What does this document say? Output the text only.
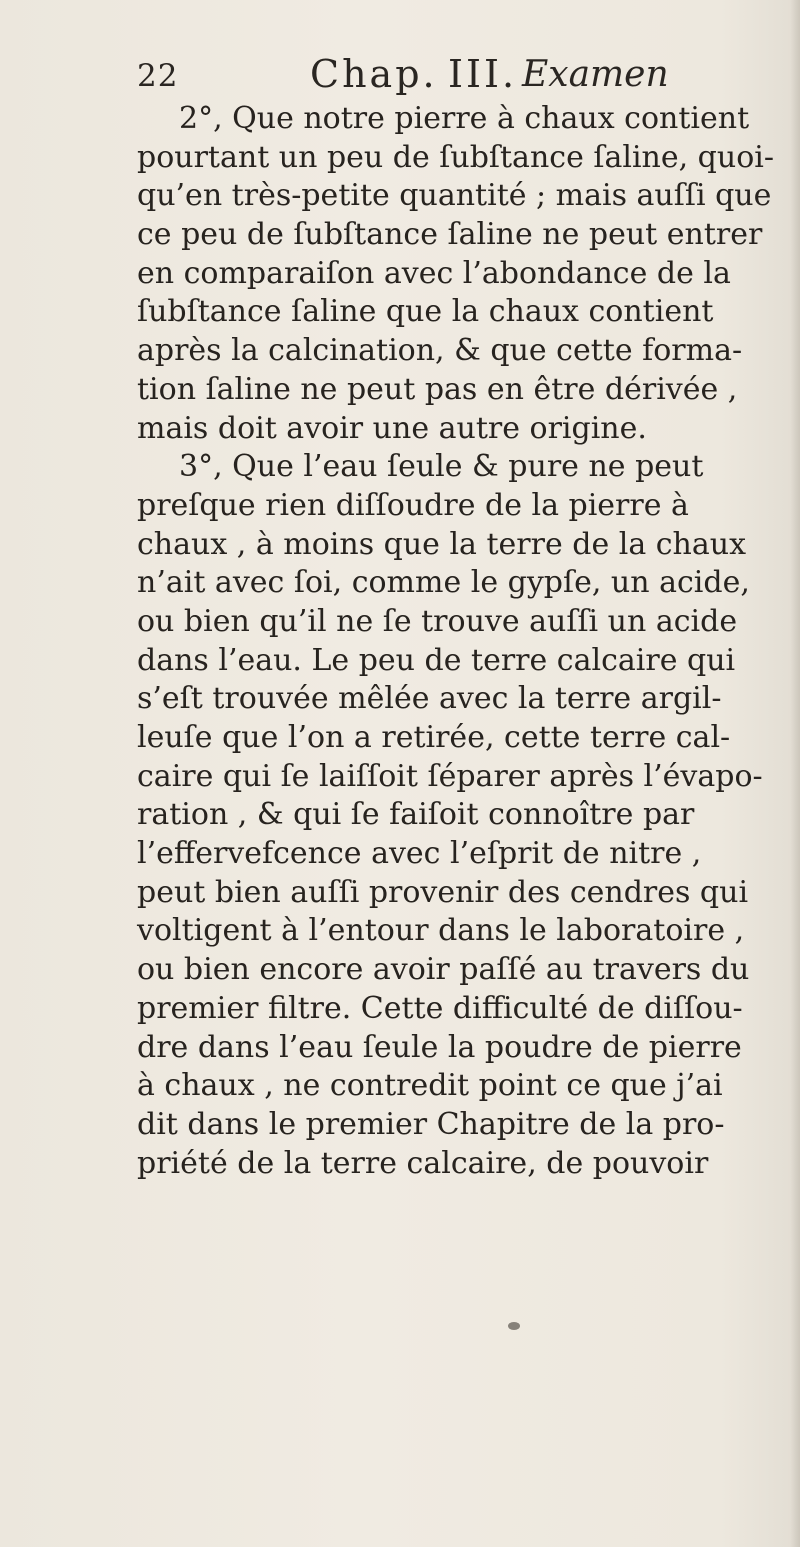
22	Chap. III. Examen
2°, Que notre pierre à chaux contient
pourtant un peu de ſubſtance ſaline, quoi-
qu’en très-petite quantité ; mais auſſi que
ce peu de ſubſtance ſaline ne peut entrer
en comparaiſon avec l’abondance de la
ſubſtance ſaline que la chaux contient
après la calcination, & que cette forma-
tion ſaline ne peut pas en être dérivée ,
mais doit avoir une autre origine.
3°, Que l’eau ſeule & pure ne peut
preſque rien diſſoudre de la pierre à
chaux , à moins que la terre de la chaux
n’ait avec ſoi, comme le gypſe, un acide,
ou bien qu’il ne ſe trouve auſſi un acide
dans l’eau. Le peu de terre calcaire qui
s’eſt trouvée mêlée avec la terre argil-
leuſe que l’on a retirée, cette terre cal-
caire qui ſe laiſſoit ſéparer après l’évapo-
ration , & qui ſe faiſoit connoître par
l’effervefcence avec l’eſprit de nitre ,
peut bien auſſi provenir des cendres qui
voltigent à l’entour dans le laboratoire ,
ou bien encore avoir paſſé au travers du
premier filtre. Cette difficulté de diſſou-
dre dans l’eau ſeule la poudre de pierre
à chaux , ne contredit point ce que j’ai
dit dans le premier Chapitre de la pro-
priété de la terre calcaire, de pouvoir
